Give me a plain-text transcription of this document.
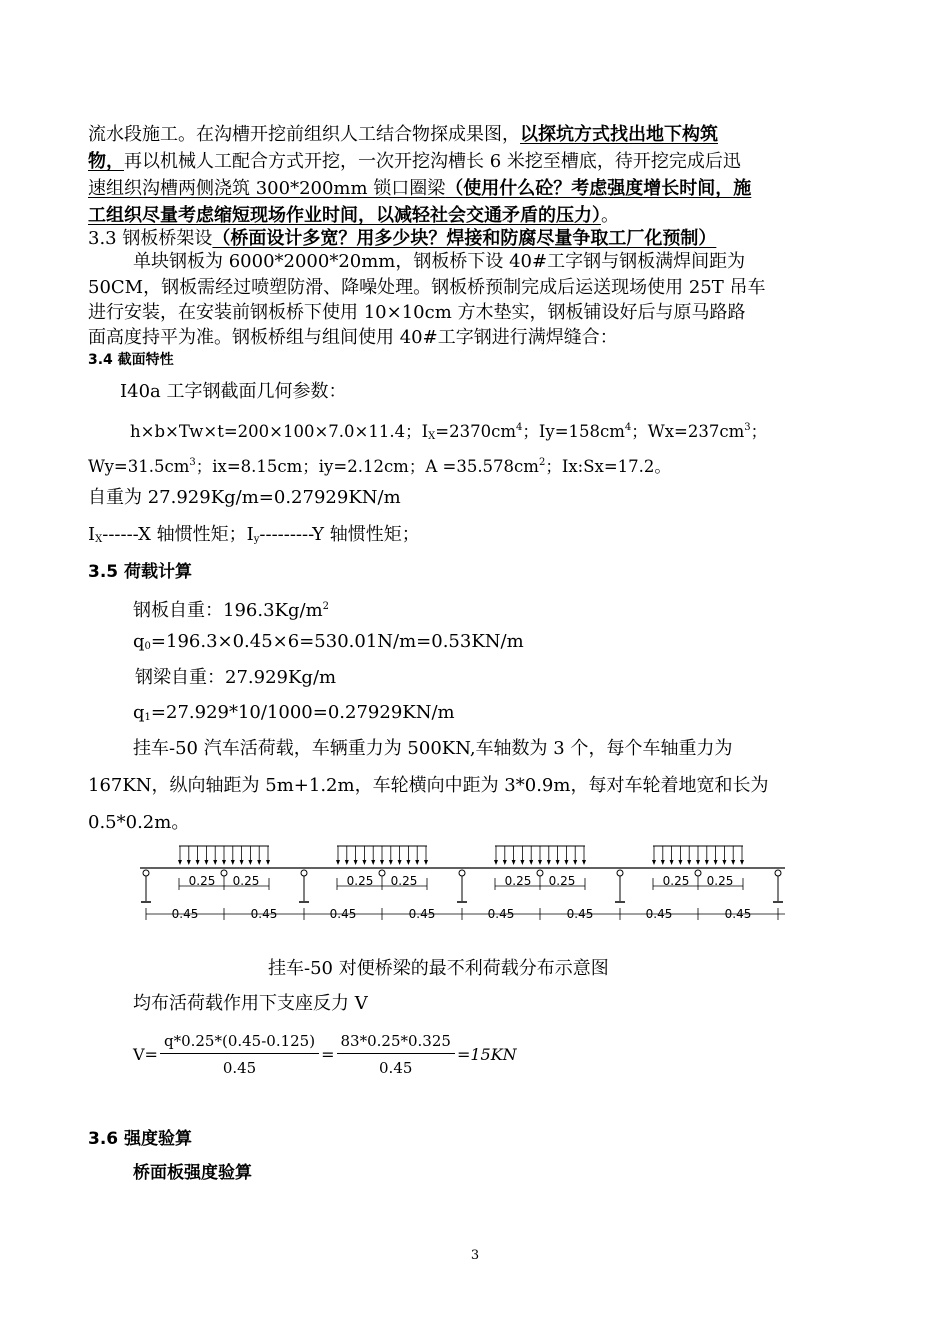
流水段施工。在沟槽开挖前组织人工结合物探成果图，以探坑方式找出地下构筑
物，再以机械人工配合方式开挖，一次开挖沟槽长 6 米挖至槽底，待开挖完成后迅
速组织沟槽两侧浇筑 300*200mm 锁口圈梁（使用什么砼？考虑强度增长时间，施
工组织尽量考虑缩短现场作业时间，以减轻社会交通矛盾的压力）。
3.3 钢板桥架设（桥面设计多宽？用多少块？焊接和防腐尽量争取工厂化预制）
单块钢板为 6000*2000*20mm，钢板桥下设 40#工字钢与钢板满焊间距为
50CM，钢板需经过喷塑防滑、降噪处理。钢板桥预制完成后运送现场使用 25T 吊车
进行安装，在安装前钢板桥下使用 10×10cm 方木垫实，钢板铺设好后与原马路路
面高度持平为准。钢板桥组与组间使用 40#工字钢进行满焊缝合：
3.4 截面特性
I40a 工字钢截面几何参数：
h×b×Tw×t=200×100×7.0×11.4；$I_X=2370cm^4$；$Iy=158cm^4$；$Wx=237cm^3$；
$Wy=31.5cm^3$；ix=8.15cm；iy=2.12cm；$A =35.578cm^2$；Ix:Sx=17.2。
自重为 27.929Kg/m=0.27929KN/m
$I_X------X$ 轴惯性矩；$I_y---------Y$ 轴惯性矩；
3.5 荷载计算
钢板自重：$196.3Kg/m^2$
$q_0=196.3\times 0.45\times 6=530.01N/m=0.53KN/m$
钢梁自重：27.929Kg/m
$q_1=27.929*10/1000=0.27929KN/m$
挂车-50 汽车活荷载，车辆重力为 500KN,车轴数为 3 个，每个车轴重力为
167KN，纵向轴距为 5m+1.2m，车轮横向中距为 3*0.9m，每对车轮着地宽和长为
0.5*0.2m。
0.25 0.25	0.25 0.25	0.25 0.25	0.25 0.25
0.45	0.45	0.45	0.45	0.45	0.45	0.45	0.45
挂车-50 对便桥梁的最不利荷载分布示意图
均布活荷载作用下支座反力 V
$V= \frac{q*0.25*(0.45-0.125)}{0.45} = \frac{83*0.25*0.325}{0.45} =15KN$
3.6 强度验算
桥面板强度验算
3
